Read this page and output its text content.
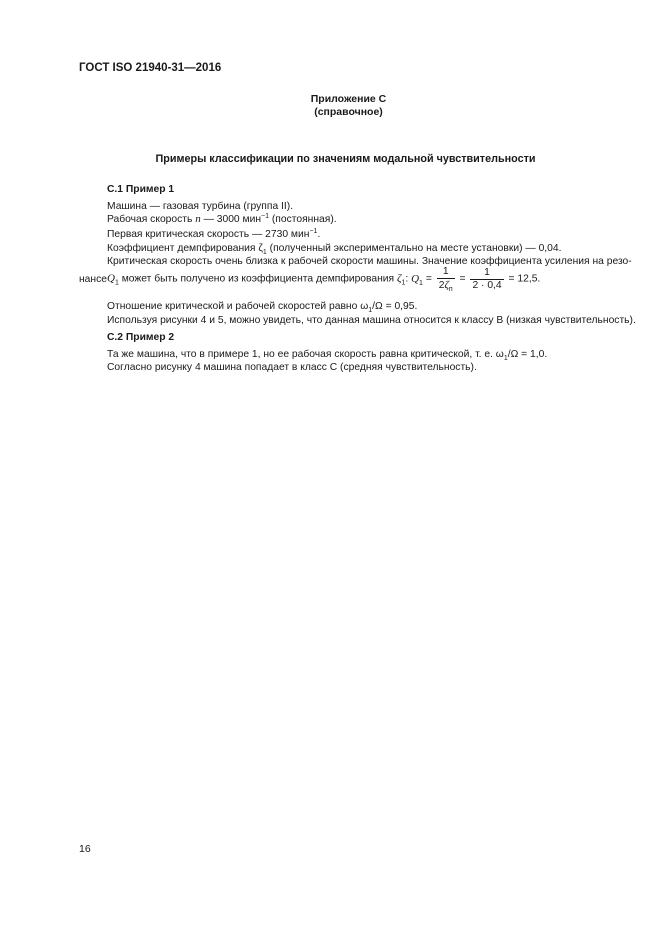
ГОСТ ISO 21940-31—2016
Приложение С
(справочное)
Примеры классификации по значениям модальной чувствительности
С.1 Пример 1
Машина — газовая турбина (группа II).
Рабочая скорость n — 3000 мин$^{-1}$ (постоянная).
Первая критическая скорость — 2730 мин$^{-1}$.
Коэффициент демпфирования $\zeta_1$ (полученный экспериментально на месте установки) — 0,04.
Критическая скорость очень близка к рабочей скорости машины. Значение коэффициента усиления на резо-
нансеQ$_1$ может быть получено из коэффициента демпфирования $\zeta_1$: $Q_1 = \frac{1}{2\zeta_п} = \frac{1}{2 \cdot 0,4} = 12,5$.
Отношение критической и рабочей скоростей равно $\omega_1/\Omega = 0,95$.
Используя рисунки 4 и 5, можно увидеть, что данная машина относится к классу В (низкая чувствительность).
С.2 Пример 2
Та же машина, что в примере 1, но ее рабочая скорость равна критической, т. е. $\omega_1/\Omega = 1,0$.
Согласно рисунку 4 машина попадает в класс С (средняя чувствительность).
16
